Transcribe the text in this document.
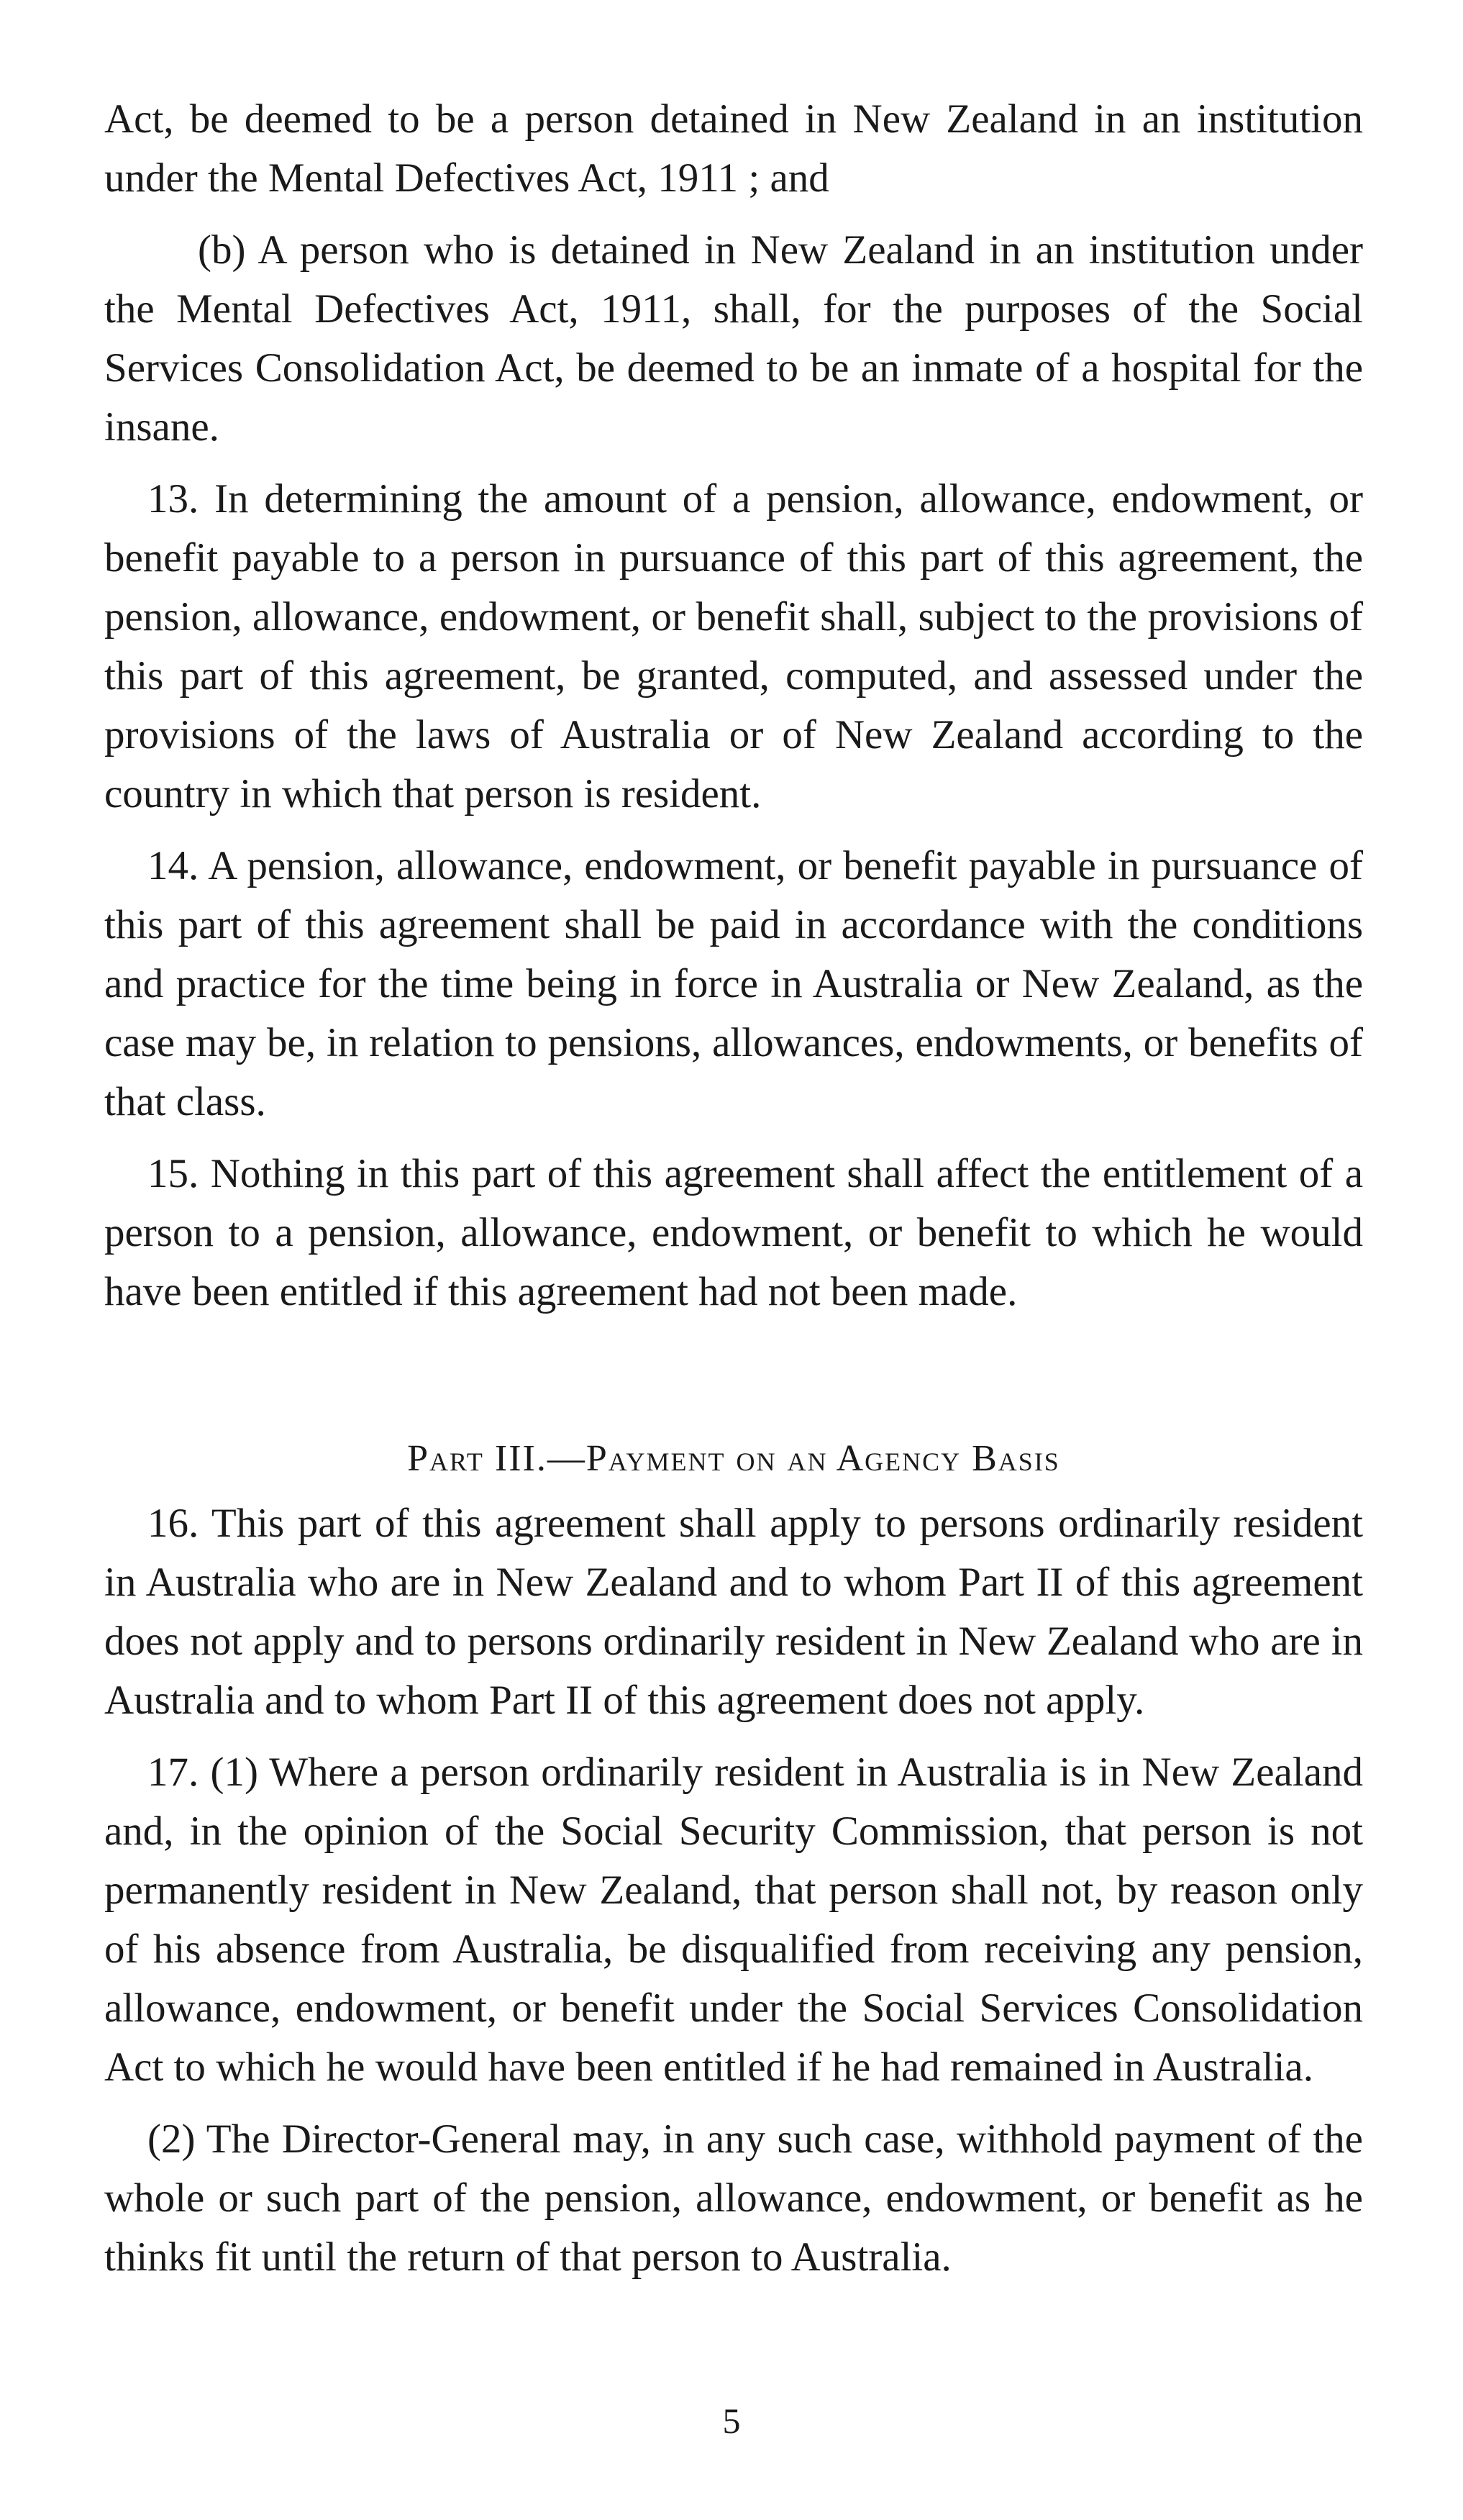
Act, be deemed to be a person detained in New Zealand in an institution under the Mental Defectives Act, 1911 ; and

(b) A person who is detained in New Zealand in an institution under the Mental Defectives Act, 1911, shall, for the purposes of the Social Services Consolidation Act, be deemed to be an inmate of a hospital for the insane.

13. In determining the amount of a pension, allowance, endowment, or benefit payable to a person in pursuance of this part of this agreement, the pension, allowance, endowment, or benefit shall, subject to the provisions of this part of this agreement, be granted, computed, and assessed under the provisions of the laws of Australia or of New Zealand according to the country in which that person is resident.

14. A pension, allowance, endowment, or benefit payable in pursuance of this part of this agreement shall be paid in accordance with the conditions and practice for the time being in force in Australia or New Zealand, as the case may be, in relation to pensions, allowances, endowments, or benefits of that class.

15. Nothing in this part of this agreement shall affect the entitlement of a person to a pension, allowance, endowment, or benefit to which he would have been entitled if this agreement had not been made.

Part III.—Payment on an Agency Basis

16. This part of this agreement shall apply to persons ordinarily resident in Australia who are in New Zealand and to whom Part II of this agreement does not apply and to persons ordinarily resident in New Zealand who are in Australia and to whom Part II of this agreement does not apply.

17. (1) Where a person ordinarily resident in Australia is in New Zealand and, in the opinion of the Social Security Commission, that person is not permanently resident in New Zealand, that person shall not, by reason only of his absence from Australia, be disqualified from receiving any pension, allowance, endowment, or benefit under the Social Services Consolidation Act to which he would have been entitled if he had remained in Australia.

(2) The Director-General may, in any such case, withhold payment of the whole or such part of the pension, allowance, endowment, or benefit as he thinks fit until the return of that person to Australia.

5
